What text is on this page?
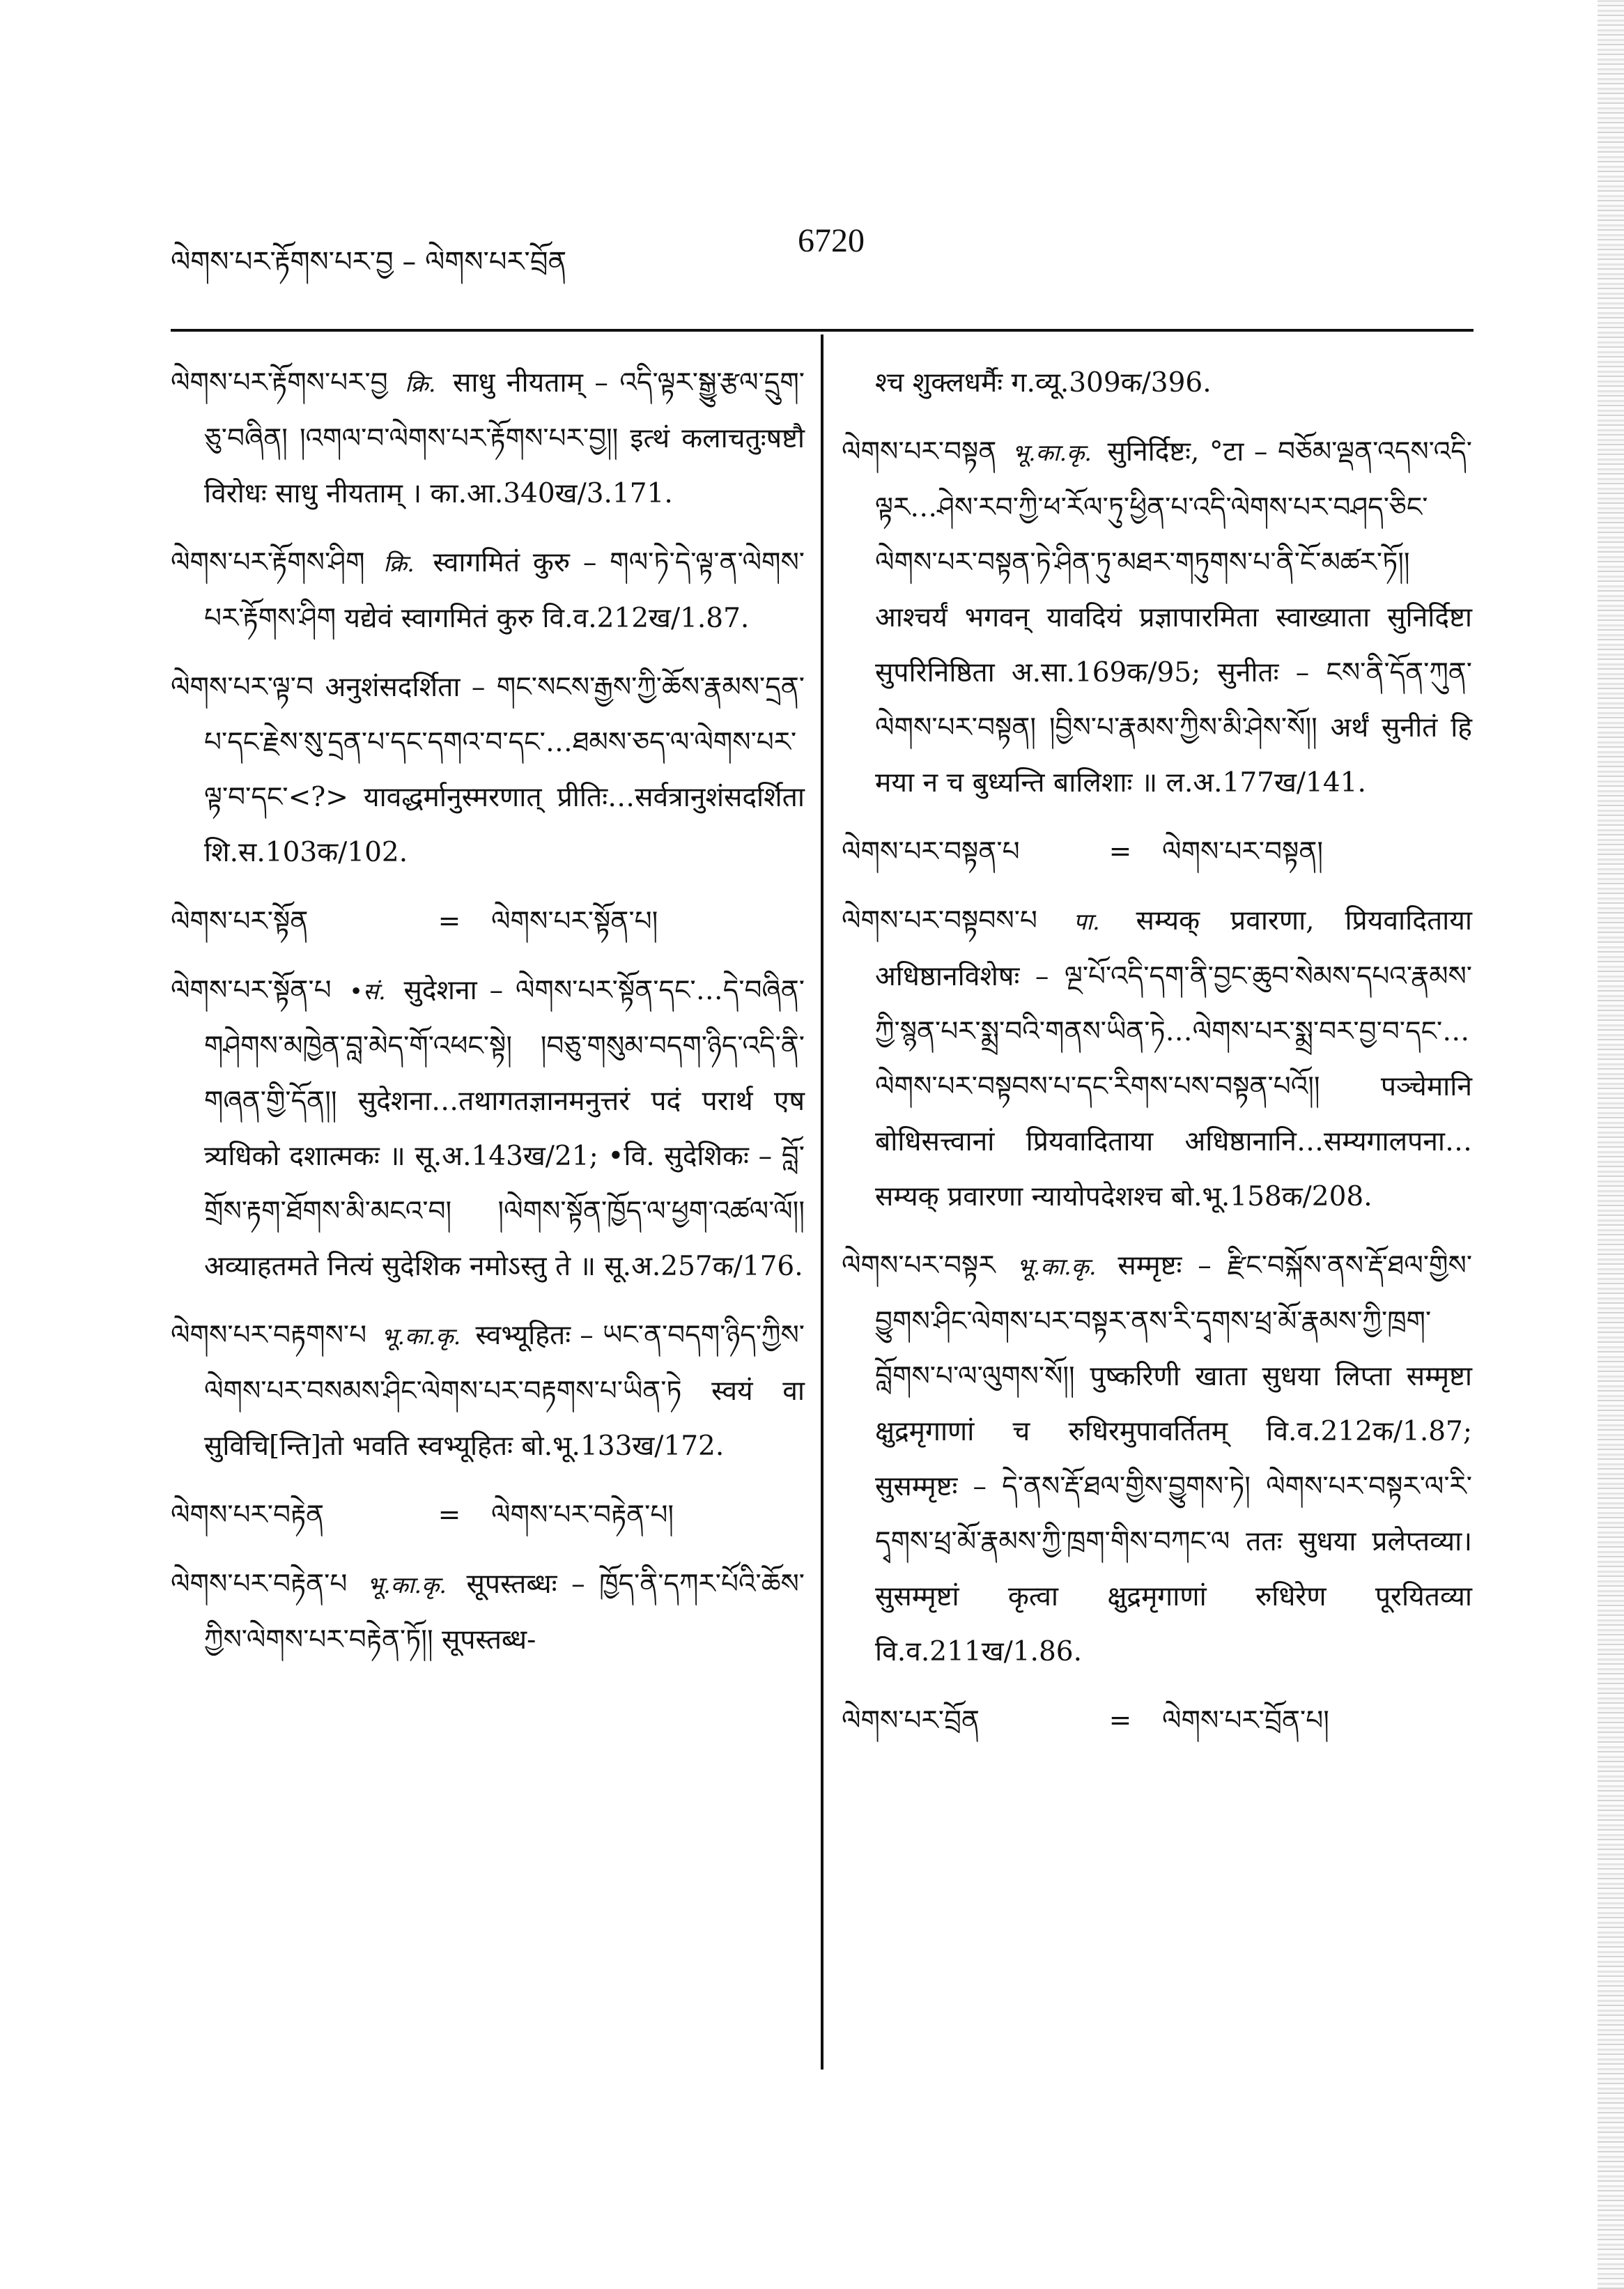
ལེགས་པར་རྟོགས་པར་བྱ – ལེགས་པར་བྲོན
6720

ལེགས་པར་རྟོགས་པར་བྱ क्रि. साधु नीयताम् – འདི་ལྟར་སྒྱུ་རྩལ་དྲུག་ཅུ་བཞིན། །འགལ་བ་ལེགས་པར་རྟོགས་པར་བྱ།། इत्थं कलाचतुःषष्टौ विरोधः साधु नीयताम् । का.आ.340ख/3.171.

ལེགས་པར་རྟོགས་ཤིག क्रि. स्वागमितं कुरु – གལ་ཏེ་དེ་ལྟ་ན་ལེགས་པར་རྟོགས་ཤིག यद्येवं स्वागमितं कुरु वि.व.212ख/1.87.

ལེགས་པར་ལྟ་བ अनुशंसदर्शिता – གང་སངས་རྒྱས་ཀྱི་ཆོས་རྣམས་དྲན་པ་དང་རྗེས་སུ་དྲན་པ་དང་དགའ་བ་དང་…ཐམས་ཅད་ལ་ལེགས་པར་ལྟ་བ་དང་<?> यावद्धर्मानुस्मरणात् प्रीतिः…सर्वत्रानुशंसदर्शिता शि.स.103क/102.

ལེགས་པར་སྟོན	=	ལེགས་པར་སྟོན་པ།

ལེགས་པར་སྟོན་པ •सं. सुदेशना – ལེགས་པར་སྟོན་དང་…དེ་བཞིན་གཤེགས་མཁྱེན་བླ་མེད་གོ་འཕང་སྟེ། །བཅུ་གསུམ་བདག་ཉིད་འདི་ནི་གཞན་གྱི་དོན།། सुदेशना…तथागतज्ञानमनुत्तरं पदं परार्थ एष त्र्यधिको दशात्मकः ॥ सू.अ.143ख/21; •वि. सुदेशिकः – བློ་གྲོས་རྟག་ཐོགས་མི་མངའ་བ། །ལེགས་སྟོན་ཁྱོད་ལ་ཕྱག་འཚལ་ལོ།། अव्याहतमते नित्यं सुदेशिक नमोऽस्तु ते ॥ सू.अ.257क/176.

ལེགས་པར་བརྟགས་པ भू.का.कृ. स्वभ्यूहितः – ཡང་ན་བདག་ཉིད་ཀྱིས་ལེགས་པར་བསམས་ཤིང་ལེགས་པར་བརྟགས་པ་ཡིན་ཏེ स्वयं वा सुविचि[न्ति]तो भवति स्वभ्यूहितः बो.भू.133ख/172.

ལེགས་པར་བརྟེན	=	ལེགས་པར་བརྟེན་པ།

ལེགས་པར་བརྟེན་པ भू.का.कृ. सूपस्तब्धः – ཁྱོད་ནི་དཀར་པོའི་ཆོས་ཀྱིས་ལེགས་པར་བརྟེན་ཏོ།། सूपस्तब्ध-

श्च शुक्लधर्मैः ग.व्यू.309क/396.

ལེགས་པར་བསྟན भू.का.कृ. सुनिर्दिष्टः, °टा – བཅོམ་ལྡན་འདས་འདི་ལྟར…ཤེས་རབ་ཀྱི་ཕ་རོལ་ཏུ་ཕྱིན་པ་འདི་ལེགས་པར་བཤད་ཅིང་ལེགས་པར་བསྟན་ཏེ་ཤིན་ཏུ་མཐར་གཏུགས་པ་ནི་ངོ་མཚར་ཏོ།། आश्चर्यं भगवन् यावदियं प्रज्ञापारमिता स्वाख्याता सुनिर्दिष्टा सुपरिनिष्ठिता अ.सा.169क/95; सुनीतः – ངས་ནི་དོན་ཀུན་ལེགས་པར་བསྟན། །བྱིས་པ་རྣམས་ཀྱིས་མི་ཤེས་སོ།། अर्थं सुनीतं हि मया न च बुध्यन्ति बालिशाः ॥ ल.अ.177ख/141.

ལེགས་པར་བསྟན་པ	=	ལེགས་པར་བསྟན།

ལེགས་པར་བསྟབས་པ पा. सम्यक् प्रवारणा, प्रियवादिताया अधिष्ठानविशेषः – ལྔ་པོ་འདི་དག་ནི་བྱང་ཆུབ་སེམས་དཔའ་རྣམས་ཀྱི་སྙན་པར་སྨྲ་བའི་གནས་ཡིན་ཏེ…ལེགས་པར་སྨྲ་བར་བྱ་བ་དང་…ལེགས་པར་བསྟབས་པ་དང་རིགས་པས་བསྟན་པའོ།། पञ्चेमानि बोधिसत्त्वानां प्रियवादिताया अधिष्ठानानि…सम्यगालपना…सम्यक् प्रवारणा न्यायोपदेशश्च बो.भू.158क/208.

ལེགས་པར་བསྟར भू.का.कृ. सम्मृष्टः – རྫིང་བསྐོས་ནས་རྡོ་ཐལ་གྱིས་བྱུགས་ཤིང་ལེགས་པར་བསྟར་ནས་རི་དྭགས་ཕྲ་མོ་རྣམས་ཀྱི་ཁྲག་བློགས་པ་ལ་ལུགས་སོ།། पुष्करिणी खाता सुधया लिप्ता सम्मृष्टा क्षुद्रमृगाणां च रुधिरमुपावर्तितम् वि.व.212क/1.87; सुसम्मृष्टः – དེ་ནས་རྡོ་ཐལ་གྱིས་བྱུགས་ཏེ། ལེགས་པར་བསྟར་ལ་རི་དྭགས་ཕྲ་མོ་རྣམས་ཀྱི་ཁྲག་གིས་བཀང་ལ ततः सुधया प्रलेप्तव्या। सुसम्मृष्टां कृत्वा क्षुद्रमृगाणां रुधिरेण पूरयितव्या वि.व.211ख/1.86.

ལེགས་པར་བྲོན	=	ལེགས་པར་བྲོན་པ།
